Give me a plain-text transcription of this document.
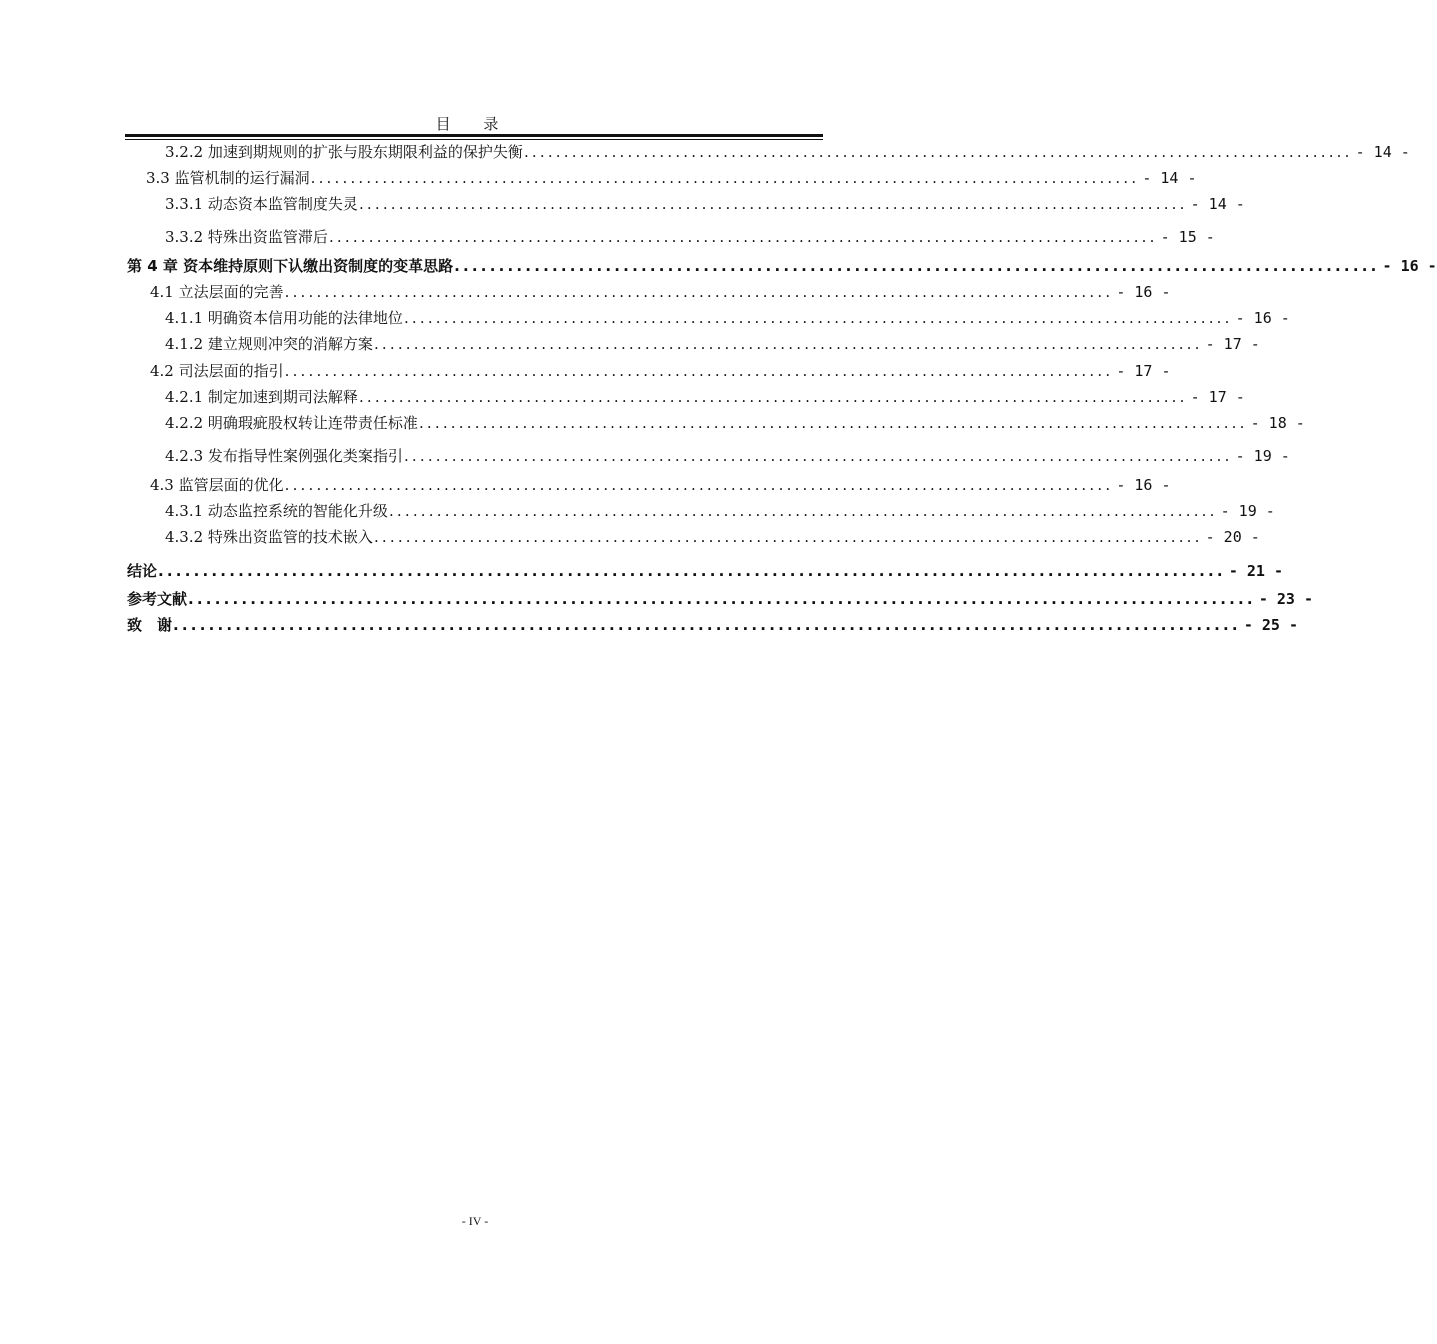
目 录
3.2.2 加速到期规则的扩张与股东期限利益的保护失衡 ........................................................................................................ - 14 -
3.3 监管机制的运行漏洞 ........................................................................................................ - 14 -
3.3.1 动态资本监管制度失灵 ........................................................................................................ - 14 -
3.3.2 特殊出资监管滞后 ........................................................................................................ - 15 -
第 4 章 资本维持原则下认缴出资制度的变革思路 ........................................................................................................ - 16 -
4.1 立法层面的完善 ........................................................................................................ - 16 -
4.1.1 明确资本信用功能的法律地位 ........................................................................................................ - 16 -
4.1.2 建立规则冲突的消解方案 ........................................................................................................ - 17 -
4.2 司法层面的指引 ........................................................................................................ - 17 -
4.2.1 制定加速到期司法解释 ........................................................................................................ - 17 -
4.2.2 明确瑕疵股权转让连带责任标准 ........................................................................................................ - 18 -
4.2.3 发布指导性案例强化类案指引 ........................................................................................................ - 19 -
4.3 监管层面的优化 ........................................................................................................ - 16 -
4.3.1 动态监控系统的智能化升级 ........................................................................................................ - 19 -
4.3.2 特殊出资监管的技术嵌入 ........................................................................................................ - 20 -
结论 ........................................................................................................................ - 21 -
参考文献 ........................................................................................................................ - 23 -
致　谢 ........................................................................................................................ - 25 -
- IV -
